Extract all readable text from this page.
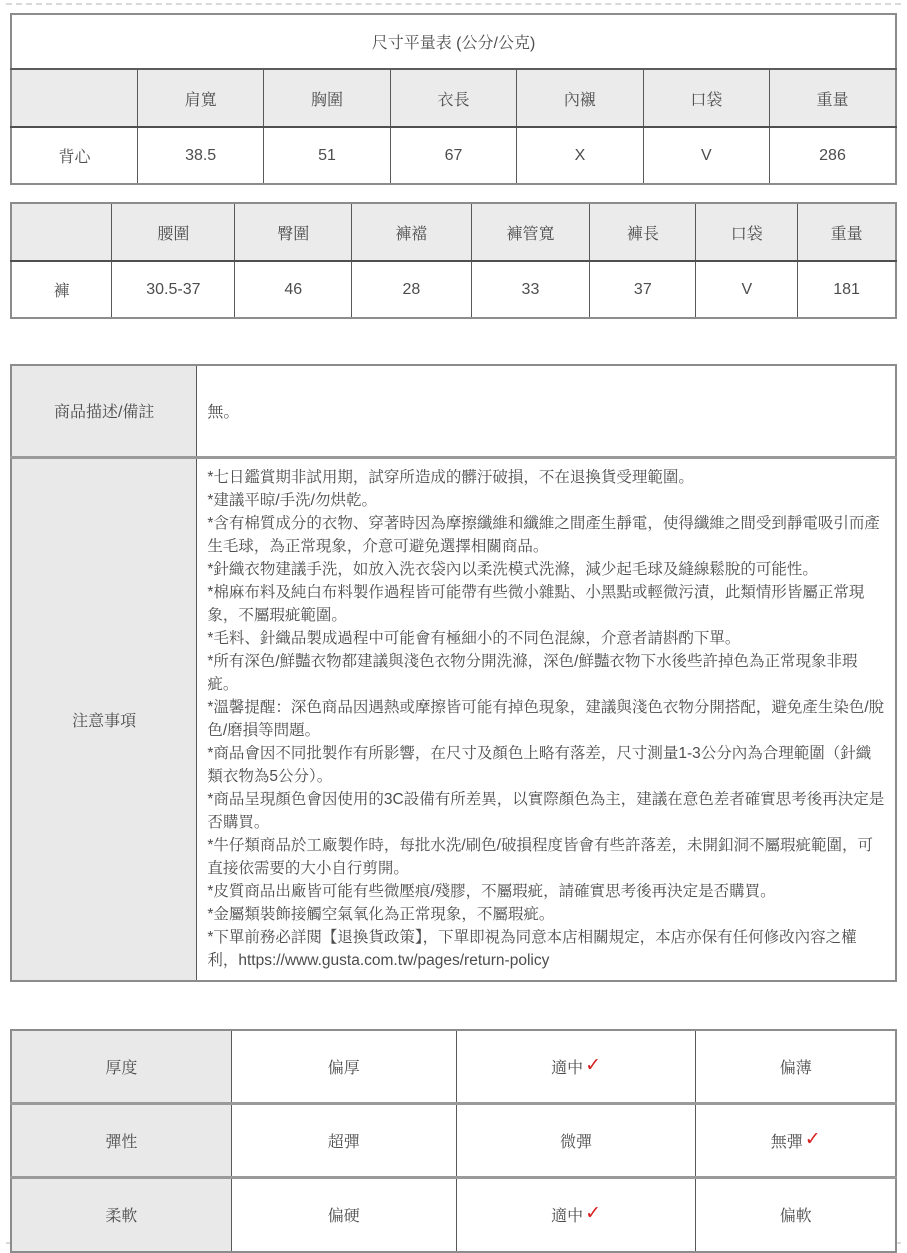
尺寸平量表 (公分/公克)						
	肩寬	胸圍	衣長	內襯	口袋	重量
背心	38.5	51	67	X	V	286
	腰圍	臀圍	褲襠	褲管寬	褲長	口袋	重量
褲	30.5-37	46	28	33	37	V	181
商品描述/備註	無。
注意事項	
*七日鑑賞期非試用期，試穿所造成的髒汙破損，不在退換貨受理範圍。
*建議平晾/手洗/勿烘乾。
*含有棉質成分的衣物、穿著時因為摩擦纖維和纖維之間產生靜電，使得纖維之間受到靜電吸引而產生毛球，為正常現象，介意可避免選擇相關商品。
*針織衣物建議手洗，如放入洗衣袋內以柔洗模式洗滌，減少起毛球及縫線鬆脫的可能性。
*棉麻布料及純白布料製作過程皆可能帶有些微小雜點、小黑點或輕微污漬，此類情形皆屬正常現象，不屬瑕疵範圍。
*毛料、針織品製成過程中可能會有極細小的不同色混線，介意者請斟酌下單。
*所有深色/鮮豔衣物都建議與淺色衣物分開洗滌，深色/鮮豔衣物下水後些許掉色為正常現象非瑕疵。
*溫馨提醒：深色商品因遇熱或摩擦皆可能有掉色現象，建議與淺色衣物分開搭配，避免產生染色/脫色/磨損等問題。
*商品會因不同批製作有所影響，在尺寸及顏色上略有落差，尺寸測量1-3公分內為合理範圍（針織類衣物為5公分）。
*商品呈現顏色會因使用的3C設備有所差異，以實際顏色為主，建議在意色差者確實思考後再決定是否購買。
*牛仔類商品於工廠製作時，每批水洗/刷色/破損程度皆會有些許落差，未開釦洞不屬瑕疵範圍，可直接依需要的大小自行剪開。
*皮質商品出廠皆可能有些微壓痕/殘膠，不屬瑕疵，請確實思考後再決定是否購買。
*金屬類裝飾接觸空氣氧化為正常現象，不屬瑕疵。
*下單前務必詳閱【退換貨政策】，下單即視為同意本店相關規定，本店亦保有任何修改內容之權利，https://www.gusta.com.tw/pages/return-policy
厚度	偏厚	適中 ✓	偏薄
彈性	超彈	微彈	無彈 ✓
柔軟	偏硬	適中 ✓	偏軟
